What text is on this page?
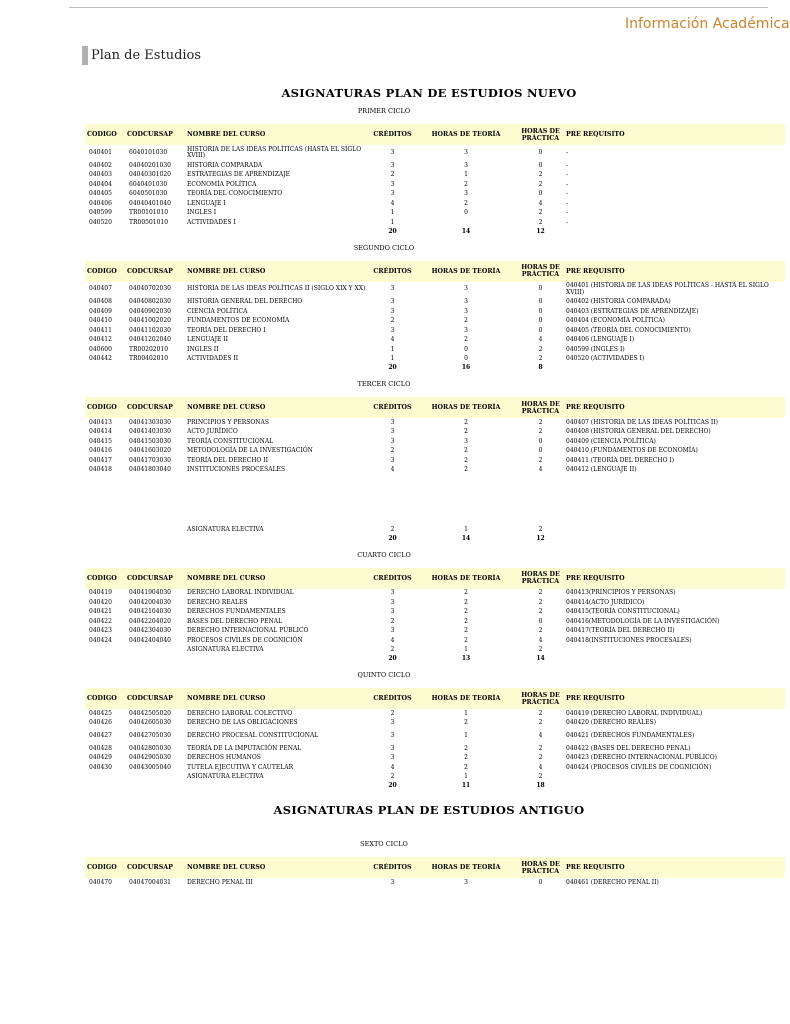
Información Académica
Plan de Estudios
ASIGNATURAS PLAN DE ESTUDIOS NUEVO
PRIMER CICLO
CODIGO	CODCURSAP	NOMBRE DEL CURSO	CRÉDITOS	HORAS DE TEORÍA	HORAS DE PRÁCTICA	PRE REQUISITO
040401	6040101030	HISTORIA DE LAS IDEAS POLÍTICAS (HASTA EL SIGLO XVIII)	3	3	0	-
040402	04040201030	HISTORIA COMPARADA	3	3	0	-
040403	04040301020	ESTRATEGIAS DE APRENDIZAJE	2	1	2	-
040404	6040401030	ECONOMÍA POLÍTICA	3	2	2	-
040405	6040501030	TEORÍA DEL CONOCIMIENTO	3	3	0	-
040406	04040401040	LENGUAJE I	4	2	4	-
040599	TR00101010	INGLES I	1	0	2	-
040520	TR00501010	ACTIVIDADES I	1		2	-
			20	14	12	
SEGUNDO CICLO
CODIGO	CODCURSAP	NOMBRE DEL CURSO	CRÉDITOS	HORAS DE TEORÍA	HORAS DE PRÁCTICA	PRE REQUISITO
040407	04040702030	HISTORIA DE LAS IDEAS POLÍTICAS II (SIGLO XIX Y XX)	3	3	0	040401 (HISTORIA DE LAS IDEAS POLÍTICAS - HASTA EL SIGLO XVIII)
040408	04040802030	HISTORIA GENERAL DEL DERECHO	3	3	0	040402 (HISTORIA COMPARADA)
040409	04040902030	CIENCIA POLÍTICA	3	3	0	040403 (ESTRATEGIAS DE APRENDIZAJE)
040410	04041002020	FUNDAMENTOS DE ECONOMÍA	2	2	0	040404 (ECONOMÍA POLÍTICA)
040411	04041102030	TEORÍA DEL DERECHO I	3	3	0	040405 (TEORÍA DEL CONOCIMIENTO)
040412	04041202040	LENGUAJE II	4	2	4	040406 (LENGUAJE I)
040600	TR00202010	INGLES II	1	0	2	040599 (INGLES I)
040442	TR00402010	ACTIVIDADES II	1	0	2	040520 (ACTIVIDADES I)
			20	16	8	
TERCER CICLO
CODIGO	CODCURSAP	NOMBRE DEL CURSO	CRÉDITOS	HORAS DE TEORÍA	HORAS DE PRÁCTICA	PRE REQUISITO
040413	04041303030	PRINCIPIOS Y PERSONAS	3	2	2	040407 (HISTORIA DE LAS IDEAS POLÍTICAS II)
040414	04041403030	ACTO JURÍDICO	3	2	2	040408 (HISTORIA GENERAL DEL DERECHO)
040415	04041503030	TEORÍA CONSTITUCIONAL	3	3	0	040409 (CIENCIA POLÍTICA)
040416	04041603020	METODOLOGÍA DE LA INVESTIGACIÓN	2	2	0	040410 (FUNDAMENTOS DE ECONOMÍA)
040417	04041703030	TEORÍA DEL DERECHO II	3	2	2	040411 (TEORÍA DEL DERECHO I)
040418	04041803040	INSTITUCIONES PROCESALES	4	2	4	040412 (LENGUAJE II)

		ASIGNATURA ELECTIVA	2	1	2	
			20	14	12	
CUARTO CICLO
CODIGO	CODCURSAP	NOMBRE DEL CURSO	CRÉDITOS	HORAS DE TEORÍA	HORAS DE PRÁCTICA	PRE REQUISITO
040419	04041904030	DERECHO LABORAL INDIVIDUAL	3	2	2	040413(PRINCIPIOS Y PERSONAS)
040420	04042004030	DERECHO REALES	3	2	2	040414(ACTO JURÍDICO)
040421	04042104030	DERECHOS FUNDAMENTALES	3	2	2	040415(TEORÍA CONSTITUCIONAL)
040422	04042204020	BASES DEL DERECHO PENAL	2	2	0	040416(METODOLOGÍA DE LA INVESTIGACIÓN)
040423	04042304030	DERECHO INTERNACIONAL PÚBLICO	3	2	2	040417(TEORÍA DEL DERECHO II)
040424	04042404040	PROCESOS CIVILES DE COGNICIÓN	4	2	4	040418(INSTITUCIONES PROCESALES)
		ASIGNATURA ELECTIVA	2	1	2	
			20	13	14	
QUINTO CICLO
CODIGO	CODCURSAP	NOMBRE DEL CURSO	CRÉDITOS	HORAS DE TEORÍA	HORAS DE PRÁCTICA	PRE REQUISITO
040425	04042505020	DERECHO LABORAL COLECTIVO	2	1	2	040419 (DERECHO LABORAL INDIVIDUAL)
040426	04042605030	DERECHO DE LAS OBLIGACIONES	3	2	2	040420 (DERECHO REALES)
040427	04042705030	DERECHO PROCESAL CONSTITUCIONAL	3	1	4	040421 (DERECHOS FUNDAMENTALES)
040428	04042805030	TEORÍA DE LA IMPUTACIÓN PENAL	3	2	2	040422 (BASES DEL DERECHO PENAL)
040429	04042905030	DERECHOS HUMANOS	3	2	2	040423 (DERECHO INTERNACIONAL PÚBLICO)
040430	04043005040	TUTELA EJECUTIVA Y CAUTELAR	4	2	4	040424 (PROCESOS CIVILES DE COGNICIÓN)
		ASIGNATURA ELECTIVA	2	1	2	
			20	11	18	
ASIGNATURAS PLAN DE ESTUDIOS ANTIGUO
SEXTO CICLO
CODIGO	CODCURSAP	NOMBRE DEL CURSO	CRÉDITOS	HORAS DE TEORÍA	HORAS DE PRÁCTICA	PRE REQUISITO
040470	04047004031	DERECHO PENAL III	3	3	0	040461 (DERECHO PENAL II)
